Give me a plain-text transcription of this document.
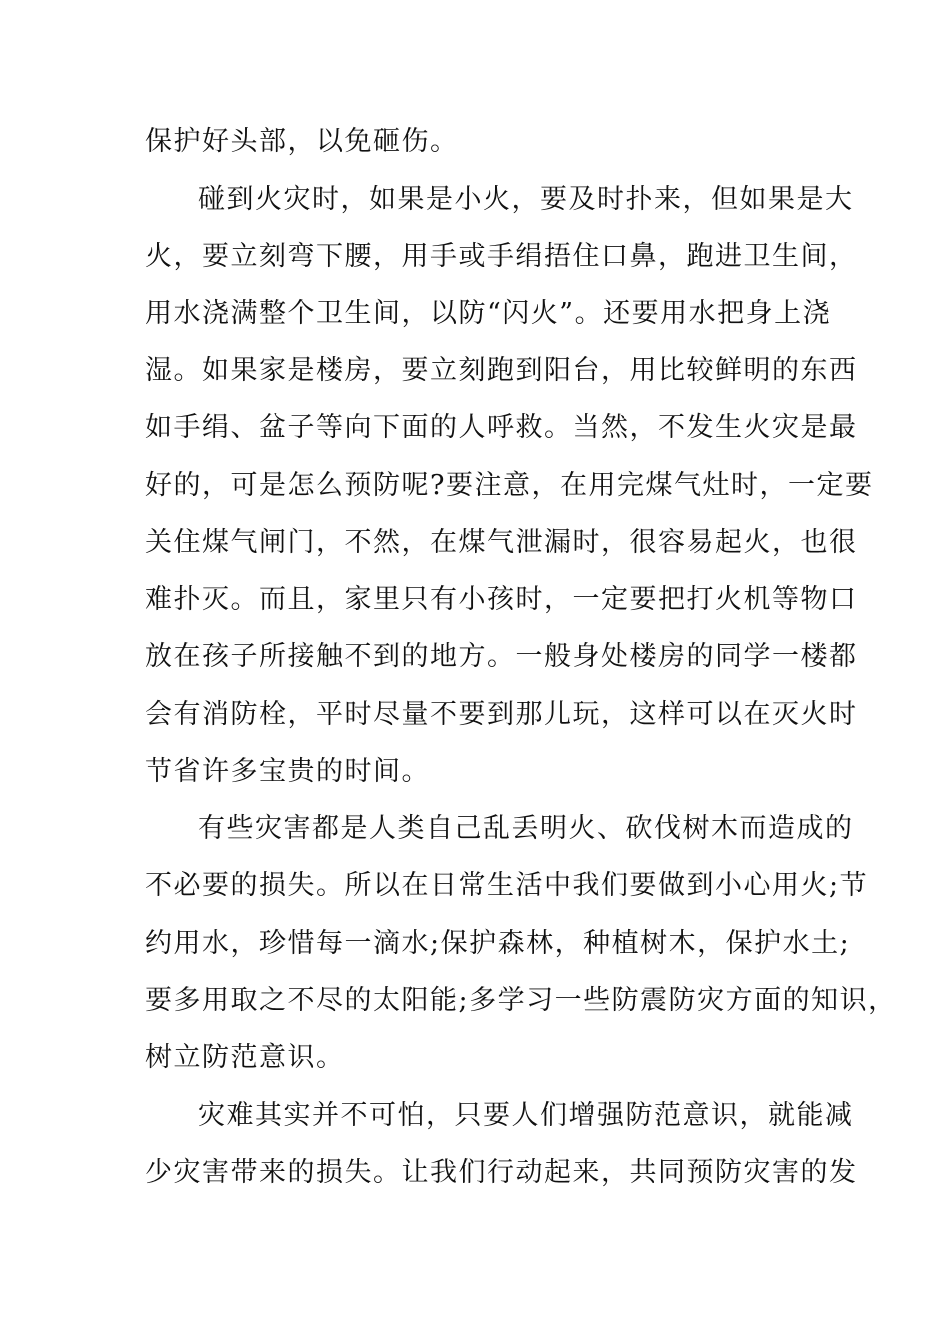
保护好头部，以免砸伤。
碰到火灾时，如果是小火，要及时扑来，但如果是大
火，要立刻弯下腰，用手或手绢捂住口鼻，跑进卫生间，
用水浇满整个卫生间，以防“闪火”。还要用水把身上浇
湿。如果家是楼房，要立刻跑到阳台，用比较鲜明的东西
如手绢、盆子等向下面的人呼救。当然，不发生火灾是最
好的，可是怎么预防呢?要注意，在用完煤气灶时，一定要
关住煤气闸门，不然，在煤气泄漏时，很容易起火，也很
难扑灭。而且，家里只有小孩时，一定要把打火机等物口
放在孩子所接触不到的地方。一般身处楼房的同学一楼都
会有消防栓，平时尽量不要到那儿玩，这样可以在灭火时
节省许多宝贵的时间。
有些灾害都是人类自己乱丢明火、砍伐树木而造成的
不必要的损失。所以在日常生活中我们要做到小心用火;节
约用水，珍惜每一滴水;保护森林，种植树木，保护水土;
要多用取之不尽的太阳能;多学习一些防震防灾方面的知识，
树立防范意识。
灾难其实并不可怕，只要人们增强防范意识，就能减
少灾害带来的损失。让我们行动起来，共同预防灾害的发
